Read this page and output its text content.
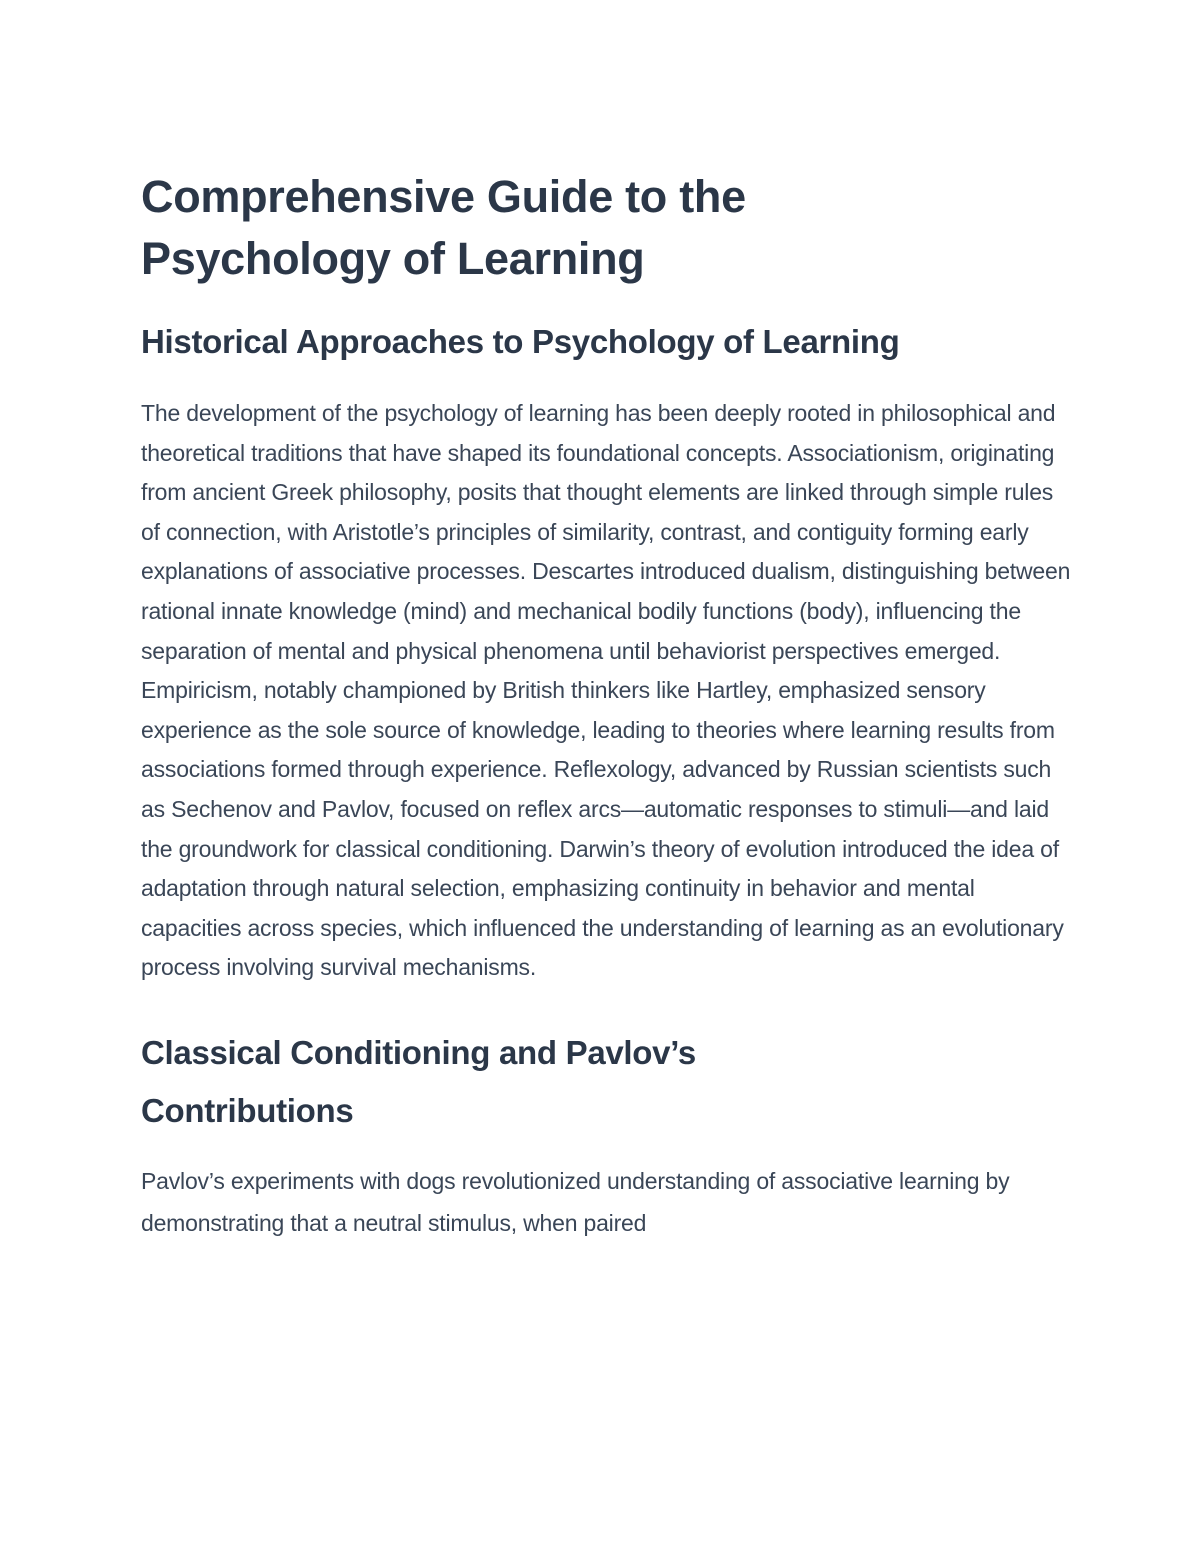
Comprehensive Guide to the Psychology of Learning
Historical Approaches to Psychology of Learning

The development of the psychology of learning has been deeply rooted in philosophical and theoretical traditions that have shaped its foundational concepts. Associationism, originating from ancient Greek philosophy, posits that thought elements are linked through simple rules of connection, with Aristotle’s principles of similarity, contrast, and contiguity forming early explanations of associative processes. Descartes introduced dualism, distinguishing between rational innate knowledge (mind) and mechanical bodily functions (body), influencing the separation of mental and physical phenomena until behaviorist perspectives emerged. Empiricism, notably championed by British thinkers like Hartley, emphasized sensory experience as the sole source of knowledge, leading to theories where learning results from associations formed through experience. Reflexology, advanced by Russian scientists such as Sechenov and Pavlov, focused on reflex arcs—automatic responses to stimuli—and laid the groundwork for classical conditioning. Darwin’s theory of evolution introduced the idea of adaptation through natural selection, emphasizing continuity in behavior and mental capacities across species, which influenced the understanding of learning as an evolutionary process involving survival mechanisms.

Classical Conditioning and Pavlov’s Contributions

Pavlov’s experiments with dogs revolutionized understanding of associative learning by demonstrating that a neutral stimulus, when paired
